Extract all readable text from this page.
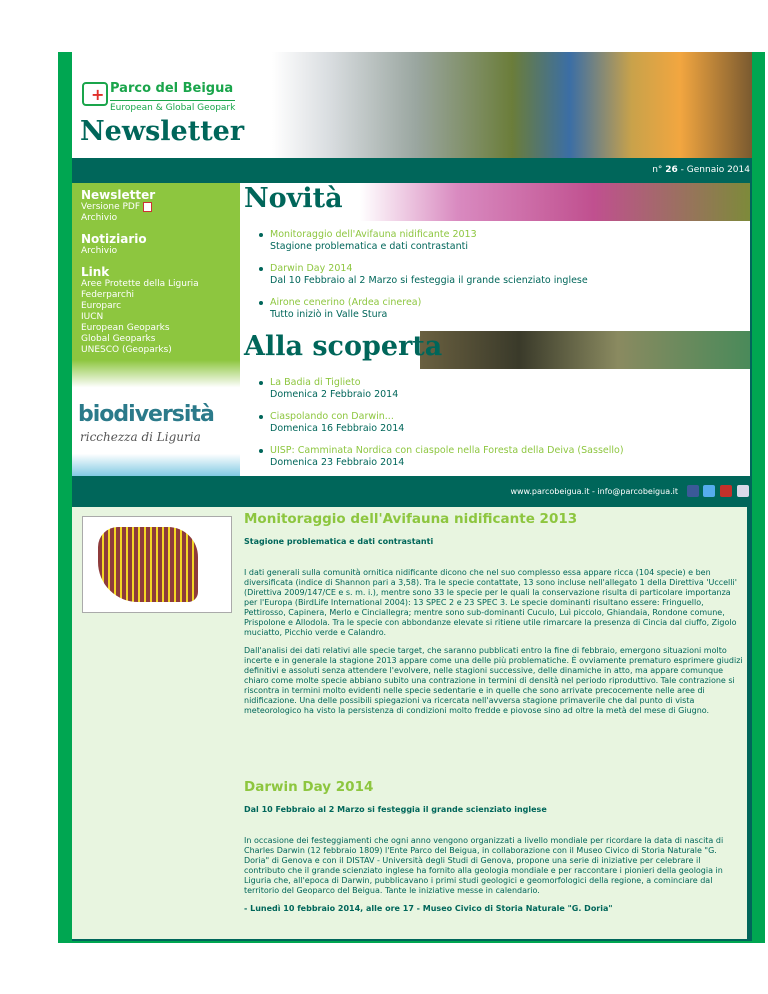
+
Parco del Beigua
European & Global Geopark
Newsletter
n° 26 - Gennaio 2014
Newsletter
Versione PDF
Archivio
Notiziario
Archivio
Link
Aree Protette della Liguria
Federparchi
Europarc
IUCN
European Geoparks
Global Geoparks
UNESCO (Geoparks)
biodiversità
ricchezza di Liguria
Novità
Monitoraggio dell'Avifauna nidificante 2013
Stagione problematica e dati contrastanti
Darwin Day 2014
Dal 10 Febbraio al 2 Marzo si festeggia il grande scienziato inglese
Airone cenerino (Ardea cinerea)
Tutto iniziò in Valle Stura
Alla scoperta
La Badia di Tiglieto
Domenica 2 Febbraio 2014
Ciaspolando con Darwin...
Domenica 16 Febbraio 2014
UISP: Camminata Nordica con ciaspole nella Foresta della Deiva (Sassello)
Domenica 23 Febbraio 2014
www.parcobeigua.it - info@parcobeigua.it
Monitoraggio dell'Avifauna nidificante 2013
Stagione problematica e dati contrastanti

I dati generali sulla comunità ornitica nidificante dicono che nel suo complesso essa appare ricca (104 specie) e ben diversificata (indice di Shannon pari a 3,58). Tra le specie contattate, 13 sono incluse nell'allegato 1 della Direttiva 'Uccelli' (Direttiva 2009/147/CE e s. m. i.), mentre sono 33 le specie per le quali la conservazione risulta di particolare importanza per l'Europa (BirdLife International 2004): 13 SPEC 2 e 23 SPEC 3. Le specie dominanti risultano essere: Fringuello, Pettirosso, Capinera, Merlo e Cinciallegra; mentre sono sub-dominanti Cuculo, Luì piccolo, Ghiandaia, Rondone comune, Prispolone e Allodola. Tra le specie con abbondanze elevate si ritiene utile rimarcare la presenza di Cincia dal ciuffo, Zigolo muciatto, Picchio verde e Calandro.

Dall'analisi dei dati relativi alle specie target, che saranno pubblicati entro la fine di febbraio, emergono situazioni molto incerte e in generale la stagione 2013 appare come una delle più problematiche. È ovviamente prematuro esprimere giudizi definitivi e assoluti senza attendere l'evolvere, nelle stagioni successive, delle dinamiche in atto, ma appare comunque chiaro come molte specie abbiano subito una contrazione in termini di densità nel periodo riproduttivo. Tale contrazione si riscontra in termini molto evidenti nelle specie sedentarie e in quelle che sono arrivate precocemente nelle aree di nidificazione. Una delle possibili spiegazioni va ricercata nell'avversa stagione primaverile che dal punto di vista meteorologico ha visto la persistenza di condizioni molto fredde e piovose sino ad oltre la metà del mese di Giugno.

Darwin Day 2014
Dal 10 Febbraio al 2 Marzo si festeggia il grande scienziato inglese

In occasione dei festeggiamenti che ogni anno vengono organizzati a livello mondiale per ricordare la data di nascita di Charles Darwin (12 febbraio 1809) l'Ente Parco del Beigua, in collaborazione con il Museo Civico di Storia Naturale "G. Doria" di Genova e con il DISTAV - Università degli Studi di Genova, propone una serie di iniziative per celebrare il contributo che il grande scienziato inglese ha fornito alla geologia mondiale e per raccontare i pionieri della geologia in Liguria che, all'epoca di Darwin, pubblicavano i primi studi geologici e geomorfologici della regione, a cominciare dal territorio del Geoparco del Beigua. Tante le iniziative messe in calendario.

- Lunedì 10 febbraio 2014, alle ore 17 - Museo Civico di Storia Naturale "G. Doria"
